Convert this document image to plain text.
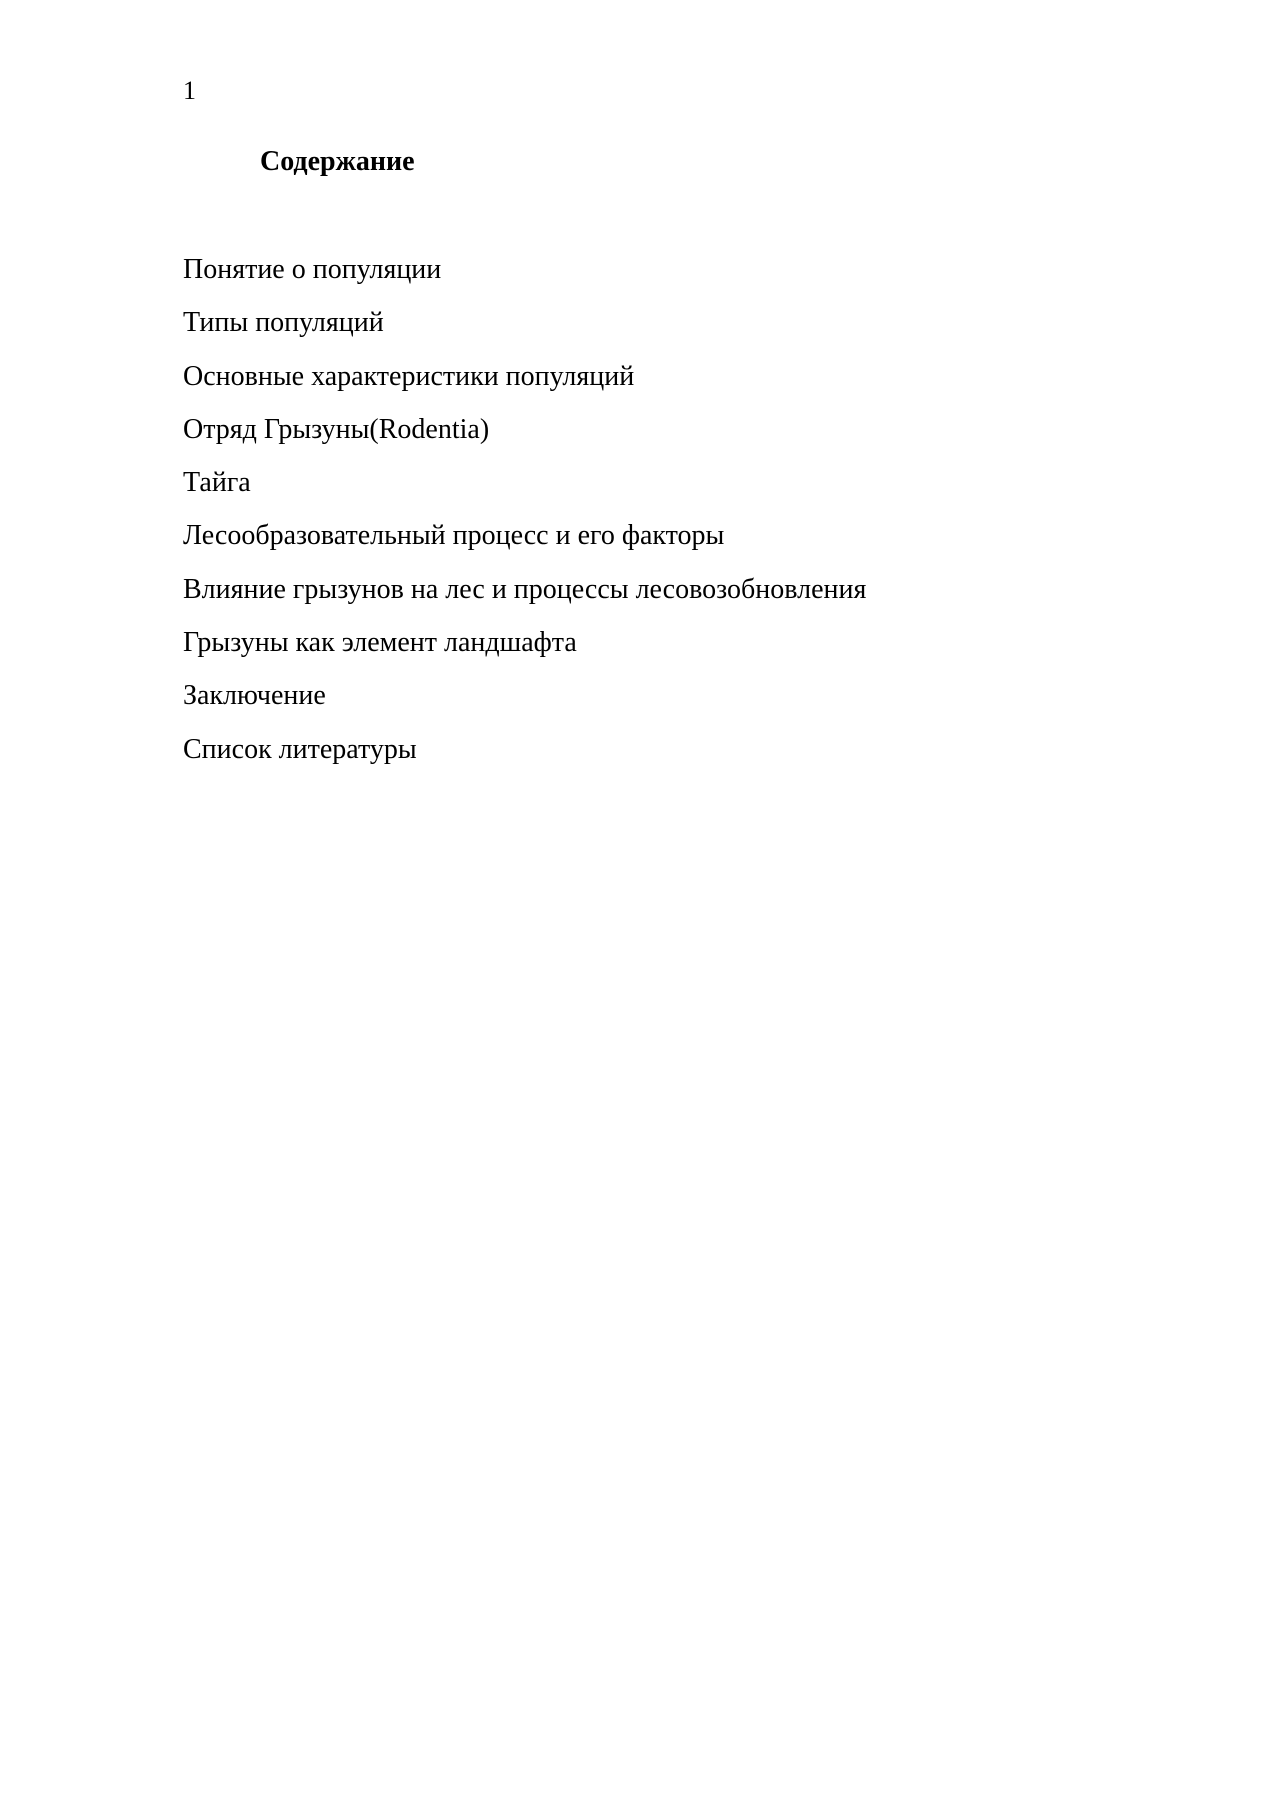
1
Содержание
Понятие о популяции
Типы популяций
Основные характеристики популяций
Отряд Грызуны(Rodentia)
Тайга
Лесообразовательный процесс и его факторы
Влияние грызунов на лес и процессы лесовозобновления
Грызуны как элемент ландшафта
Заключение
Список литературы
